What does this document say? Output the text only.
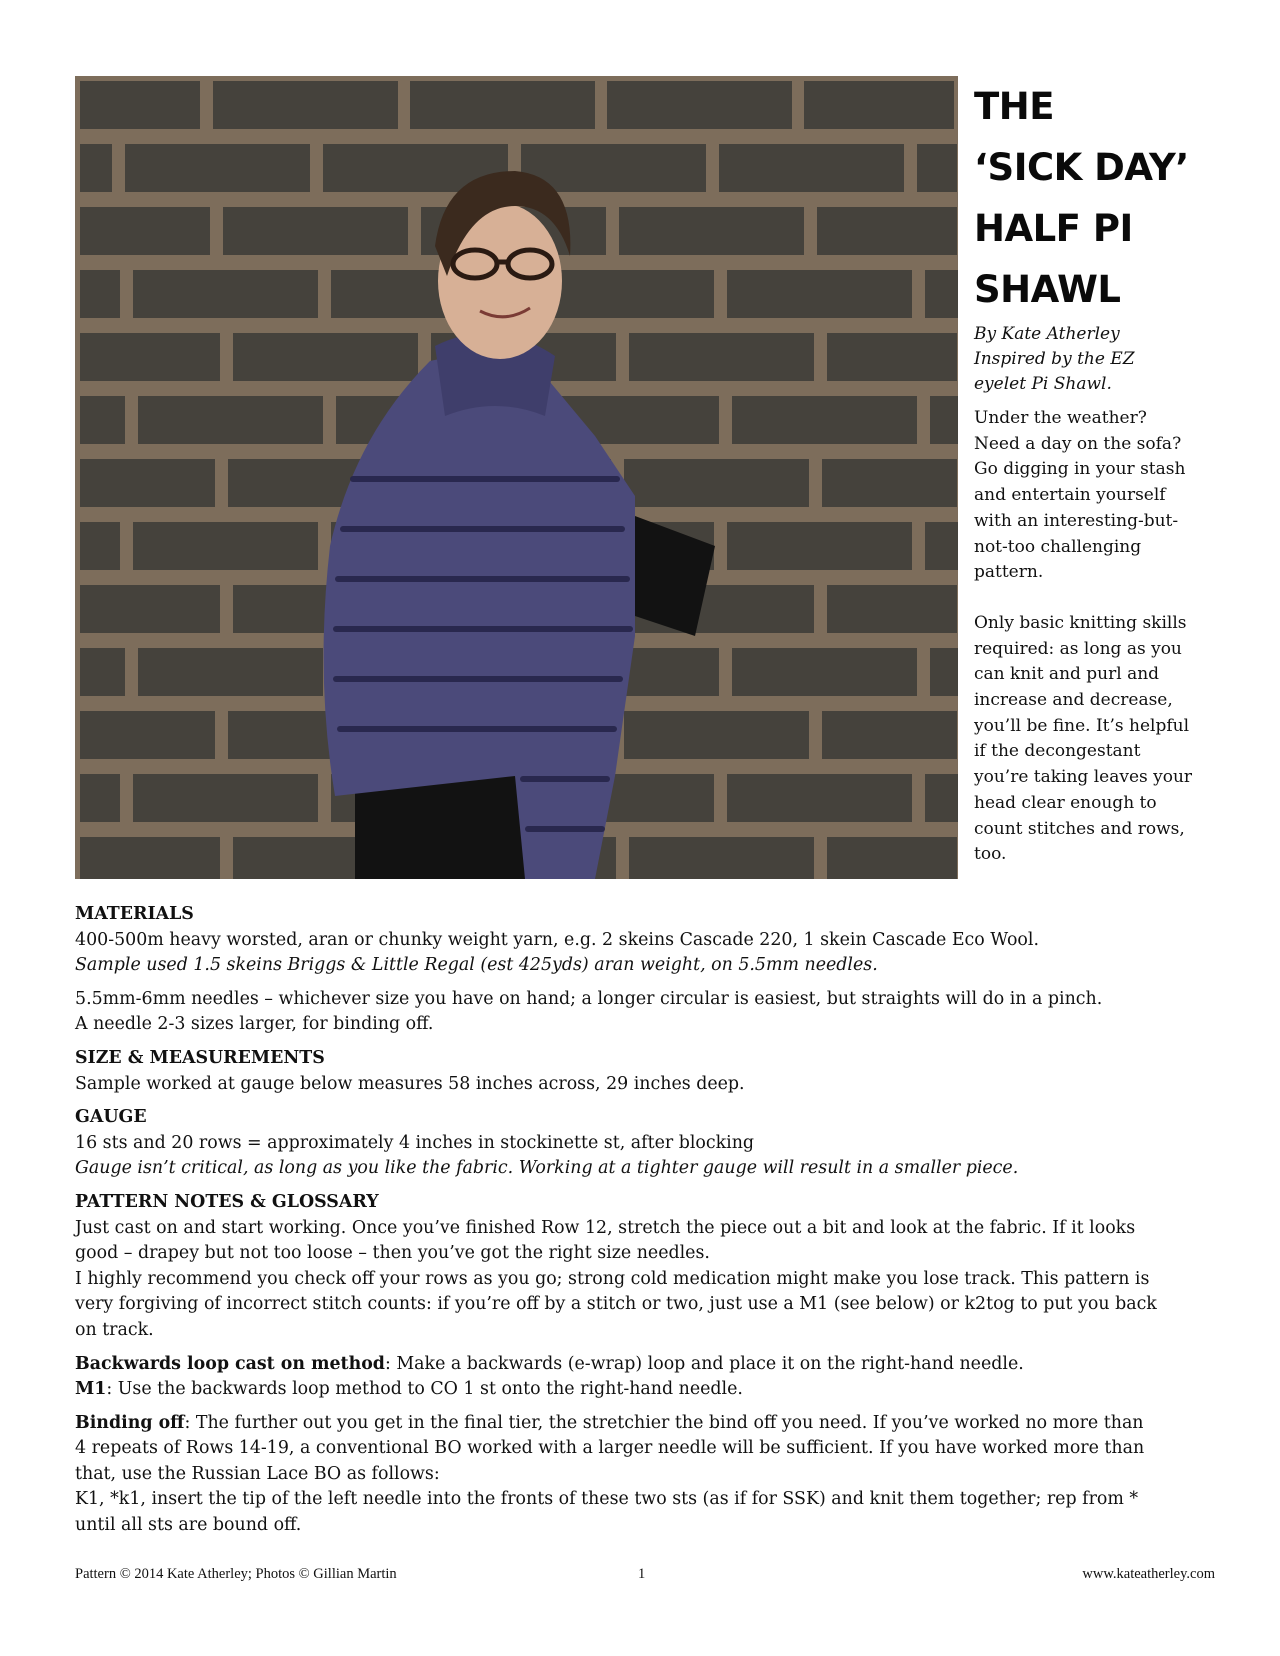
THE
‘SICK DAY’
HALF PI
SHAWL
By Kate Atherley
Inspired by the EZ
eyelet Pi Shawl.

Under the weather?
Need a day on the sofa?
Go digging in your stash
and entertain yourself
with an interesting-but-
not-too challenging
pattern.

Only basic knitting skills
required: as long as you
can knit and purl and
increase and decrease,
you’ll be fine. It’s helpful
if the decongestant
you’re taking leaves your
head clear enough to
count stitches and rows,
too.

MATERIALS
400-500m heavy worsted, aran or chunky weight yarn, e.g. 2 skeins Cascade 220, 1 skein Cascade Eco Wool.
Sample used 1.5 skeins Briggs & Little Regal (est 425yds) aran weight, on 5.5mm needles.
5.5mm-6mm needles – whichever size you have on hand; a longer circular is easiest, but straights will do in a pinch.
A needle 2-3 sizes larger, for binding off.
SIZE & MEASUREMENTS
Sample worked at gauge below measures 58 inches across, 29 inches deep.
GAUGE
16 sts and 20 rows = approximately 4 inches in stockinette st, after blocking
Gauge isn’t critical, as long as you like the fabric. Working at a tighter gauge will result in a smaller piece.
PATTERN NOTES & GLOSSARY
Just cast on and start working. Once you’ve finished Row 12, stretch the piece out a bit and look at the fabric. If it looks
good – drapey but not too loose – then you’ve got the right size needles.
I highly recommend you check off your rows as you go; strong cold medication might make you lose track. This pattern is
very forgiving of incorrect stitch counts: if you’re off by a stitch or two, just use a M1 (see below) or k2tog to put you back
on track.
Backwards loop cast on method: Make a backwards (e-wrap) loop and place it on the right-hand needle.
M1: Use the backwards loop method to CO 1 st onto the right-hand needle.
Binding off: The further out you get in the final tier, the stretchier the bind off you need. If you’ve worked no more than
4 repeats of Rows 14-19, a conventional BO worked with a larger needle will be sufficient. If you have worked more than
that, use the Russian Lace BO as follows:
K1, *k1, insert the tip of the left needle into the fronts of these two sts (as if for SSK) and knit them together; rep from *
until all sts are bound off.
Pattern © 2014 Kate Atherley; Photos © Gillian Martin	1	www.kateatherley.com
